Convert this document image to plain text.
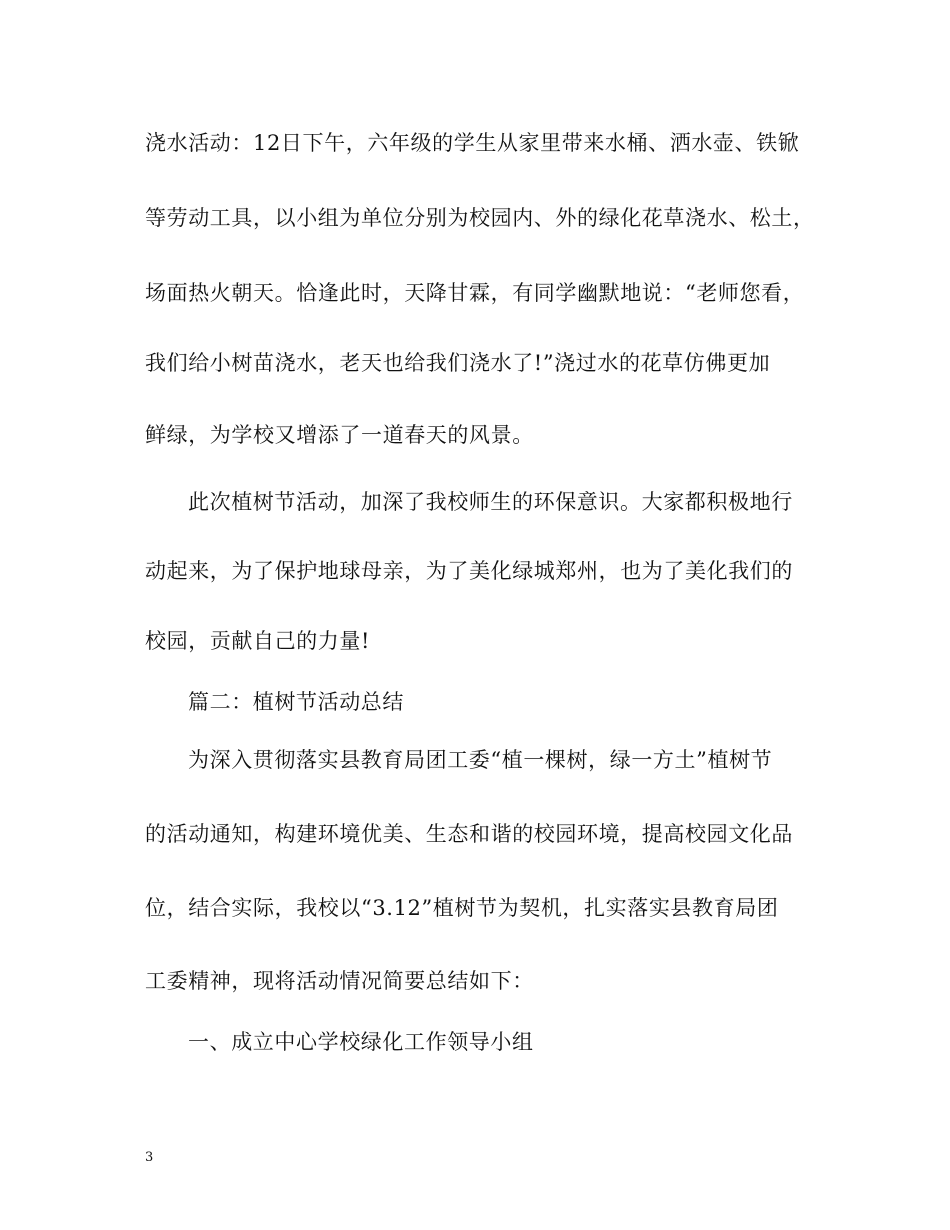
浇水活动：12日下午，六年级的学生从家里带来水桶、洒水壶、铁锨
等劳动工具，以小组为单位分别为校园内、外的绿化花草浇水、松土，
场面热火朝天。恰逢此时，天降甘霖，有同学幽默地说：“老师您看，
我们给小树苗浇水，老天也给我们浇水了!”浇过水的花草仿佛更加
鲜绿，为学校又增添了一道春天的风景。
此次植树节活动，加深了我校师生的环保意识。大家都积极地行
动起来，为了保护地球母亲，为了美化绿城郑州，也为了美化我们的
校园，贡献自己的力量!
篇二：植树节活动总结
为深入贯彻落实县教育局团工委“植一棵树，绿一方土”植树节
的活动通知，构建环境优美、生态和谐的校园环境，提高校园文化品
位，结合实际，我校以“3.12”植树节为契机，扎实落实县教育局团
工委精神，现将活动情况简要总结如下：
一、成立中心学校绿化工作领导小组
3
